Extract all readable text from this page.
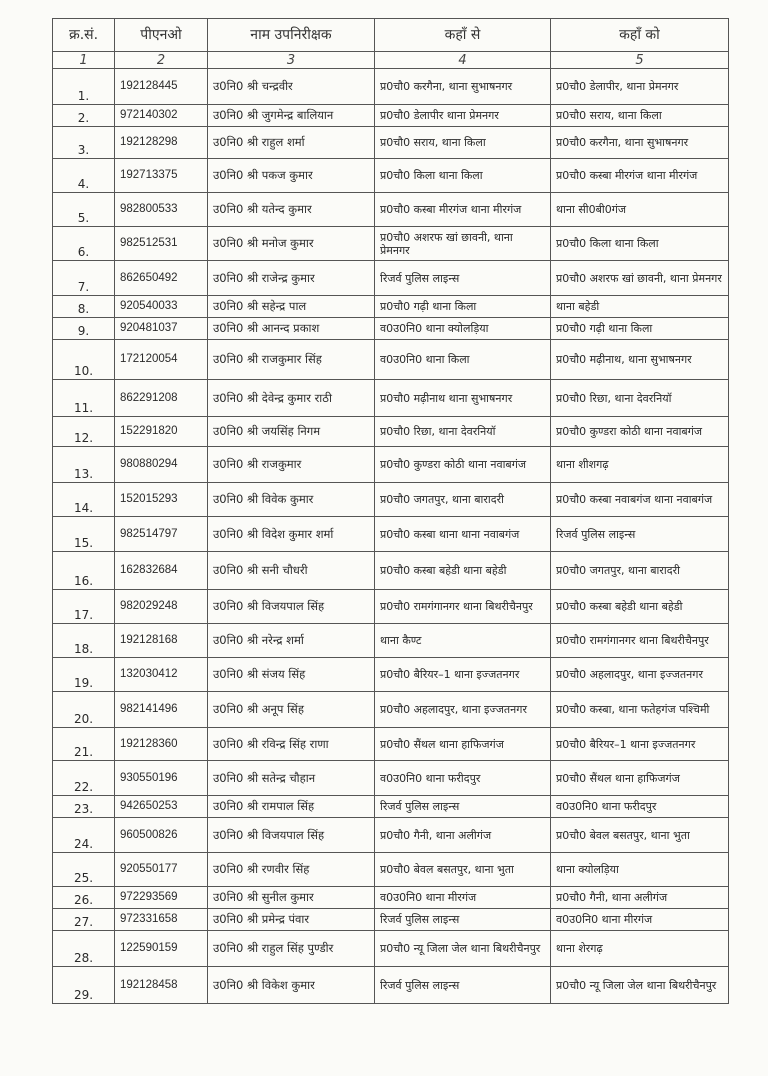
क्र.सं.	पीएनओ	नाम उपनिरीक्षक	कहाँ से	कहाँ को
1	2	3	4	5
1.	192128445	उ0नि0 श्री चन्द्रवीर	प्र0चौ0 करगैना, थाना सुभाषनगर	प्र0चौ0 डेलापीर, थाना प्रेमनगर
2.	972140302	उ0नि0 श्री जुगमेन्द्र बालियान	प्र0चौ0 डेलापीर थाना प्रेमनगर	प्र0चौ0 सराय, थाना किला
3.	192128298	उ0नि0 श्री राहुल शर्मा	प्र0चौ0 सराय, थाना किला	प्र0चौ0 करगैना, थाना सुभाषनगर
4.	192713375	उ0नि0 श्री पकज कुमार	प्र0चौ0 किला थाना किला	प्र0चौ0 कस्बा मीरगंज थाना मीरगंज
5.	982800533	उ0नि0 श्री यतेन्द कुमार	प्र0चौ0 कस्बा मीरगंज थाना मीरगंज	थाना सी0बी0गंज
6.	982512531	उ0नि0 श्री मनोज कुमार	प्र0चौ0 अशरफ खां छावनी, थाना प्रेमनगर	प्र0चौ0 किला थाना किला
7.	862650492	उ0नि0 श्री राजेन्द्र कुमार	रिजर्व पुलिस लाइन्स	प्र0चौ0 अशरफ खां छावनी, थाना प्रेमनगर
8.	920540033	उ0नि0 श्री सहेन्द्र पाल	प्र0चौ0 गढ़ी थाना किला	थाना बहेडी
9.	920481037	उ0नि0 श्री आनन्द प्रकाश	व0उ0नि0 थाना क्योलड़िया	प्र0चौ0 गढ़ी थाना किला
10.	172120054	उ0नि0 श्री राजकुमार सिंह	व0उ0नि0 थाना किला	प्र0चौ0 मढ़ीनाथ, थाना सुभाषनगर
11.	862291208	उ0नि0 श्री देवेन्द्र कुमार राठी	प्र0चौ0 मढ़ीनाथ थाना सुभाषनगर	प्र0चौ0 रिछा, थाना देवरनियॉ
12.	152291820	उ0नि0 श्री जयसिंह निगम	प्र0चौ0 रिछा, थाना देवरनियॉ	प्र0चौ0 कुण्डरा कोठी थाना नवाबगंज
13.	980880294	उ0नि0 श्री राजकुमार	प्र0चौ0 कुण्डरा कोठी थाना नवाबगंज	थाना शीशगढ़
14.	152015293	उ0नि0 श्री विवेक कुमार	प्र0चौ0 जगतपुर, थाना बारादरी	प्र0चौ0 कस्बा नवाबगंज थाना नवाबगंज
15.	982514797	उ0नि0 श्री विदेश कुमार शर्मा	प्र0चौ0 कस्बा थाना थाना नवाबगंज	रिजर्व पुलिस लाइन्स
16.	162832684	उ0नि0 श्री सनी चौधरी	प्र0चौ0 कस्बा बहेडी थाना बहेडी	प्र0चौ0 जगतपुर, थाना बारादरी
17.	982029248	उ0नि0 श्री विजयपाल सिंह	प्र0चौ0 रामगंगानगर थाना बिथरीचैनपुर	प्र0चौ0 कस्बा बहेडी थाना बहेडी
18.	192128168	उ0नि0 श्री नरेन्द्र शर्मा	थाना कैण्ट	प्र0चौ0 रामगंगानगर थाना बिथरीचैनपुर
19.	132030412	उ0नि0 श्री संजय सिंह	प्र0चौ0 बैरियर–1 थाना इज्जतनगर	प्र0चौ0 अहलादपुर, थाना इज्जतनगर
20.	982141496	उ0नि0 श्री अनूप सिंह	प्र0चौ0 अहलादपुर, थाना इज्जतनगर	प्र0चौ0 कस्बा, थाना फतेहगंज पश्चिमी
21.	192128360	उ0नि0 श्री रविन्द्र सिंह राणा	प्र0चौ0 सैंथल थाना हाफिजगंज	प्र0चौ0 बैरियर–1 थाना इज्जतनगर
22.	930550196	उ0नि0 श्री सतेन्द्र चौहान	व0उ0नि0 थाना फरीदपुर	प्र0चौ0 सैंथल थाना हाफिजगंज
23.	942650253	उ0नि0 श्री रामपाल सिंह	रिजर्व पुलिस लाइन्स	व0उ0नि0 थाना फरीदपुर
24.	960500826	उ0नि0 श्री विजयपाल सिंह	प्र0चौ0 गैनी, थाना अलीगंज	प्र0चौ0 बेवल बसतपुर, थाना भुता
25.	920550177	उ0नि0 श्री रणवीर सिंह	प्र0चौ0 बेवल बसतपुर, थाना भुता	थाना क्योलड़िया
26.	972293569	उ0नि0 श्री सुनील कुमार	व0उ0नि0 थाना मीरगंज	प्र0चौ0 गैनी, थाना अलीगंज
27.	972331658	उ0नि0 श्री प्रमेन्द्र पंवार	रिजर्व पुलिस लाइन्स	व0उ0नि0 थाना मीरगंज
28.	122590159	उ0नि0 श्री राहुल सिंह पुण्डीर	प्र0चौ0 न्यू जिला जेल थाना बिथरीचैनपुर	थाना शेरगढ़
29.	192128458	उ0नि0 श्री विकेश कुमार	रिजर्व पुलिस लाइन्स	प्र0चौ0 न्यू जिला जेल थाना बिथरीचैनपुर
